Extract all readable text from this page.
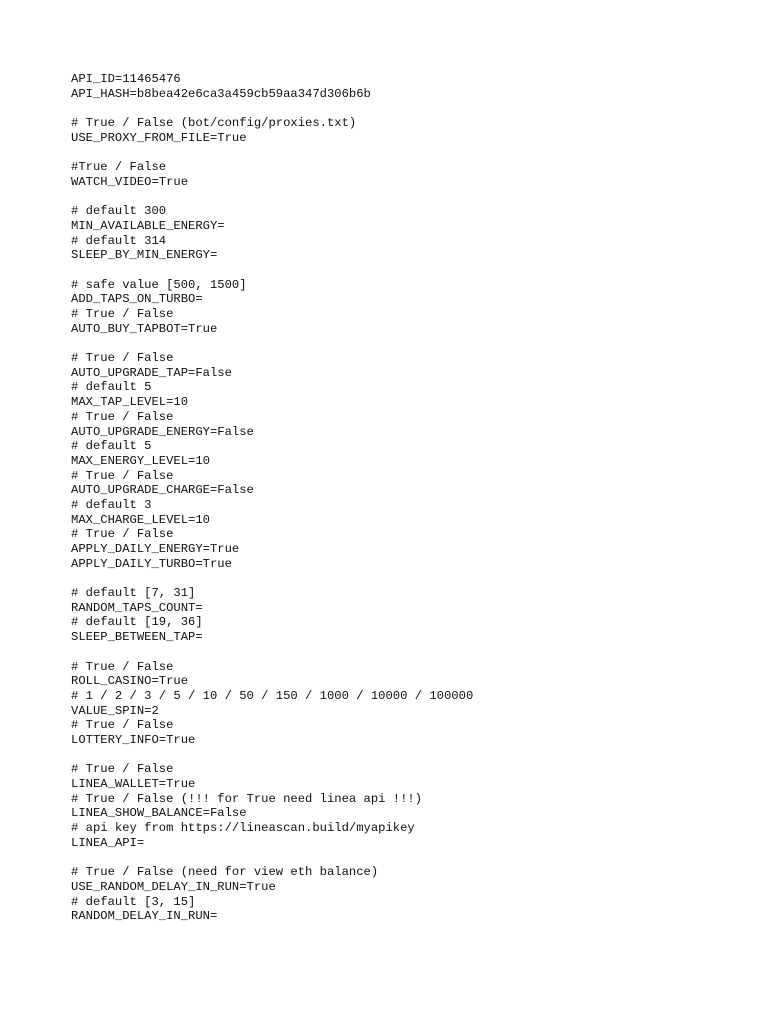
API_ID=11465476
API_HASH=b8bea42e6ca3a459cb59aa347d306b6b
# True / False (bot/config/proxies.txt)
USE_PROXY_FROM_FILE=True
#True / False
WATCH_VIDEO=True
# default 300
MIN_AVAILABLE_ENERGY=
# default 314
SLEEP_BY_MIN_ENERGY=
# safe value [500, 1500]
ADD_TAPS_ON_TURBO=
# True / False
AUTO_BUY_TAPBOT=True
# True / False
AUTO_UPGRADE_TAP=False
# default 5
MAX_TAP_LEVEL=10
# True / False
AUTO_UPGRADE_ENERGY=False
# default 5
MAX_ENERGY_LEVEL=10
# True / False
AUTO_UPGRADE_CHARGE=False
# default 3
MAX_CHARGE_LEVEL=10
# True / False
APPLY_DAILY_ENERGY=True
APPLY_DAILY_TURBO=True
# default [7, 31]
RANDOM_TAPS_COUNT=
# default [19, 36]
SLEEP_BETWEEN_TAP=
# True / False
ROLL_CASINO=True
# 1 / 2 / 3 / 5 / 10 / 50 / 150 / 1000 / 10000 / 100000
VALUE_SPIN=2
# True / False
LOTTERY_INFO=True
# True / False
LINEA_WALLET=True
# True / False (!!! for True need linea api !!!)
LINEA_SHOW_BALANCE=False
# api key from https://lineascan.build/myapikey
LINEA_API=
# True / False (need for view eth balance)
USE_RANDOM_DELAY_IN_RUN=True
# default [3, 15]
RANDOM_DELAY_IN_RUN=
